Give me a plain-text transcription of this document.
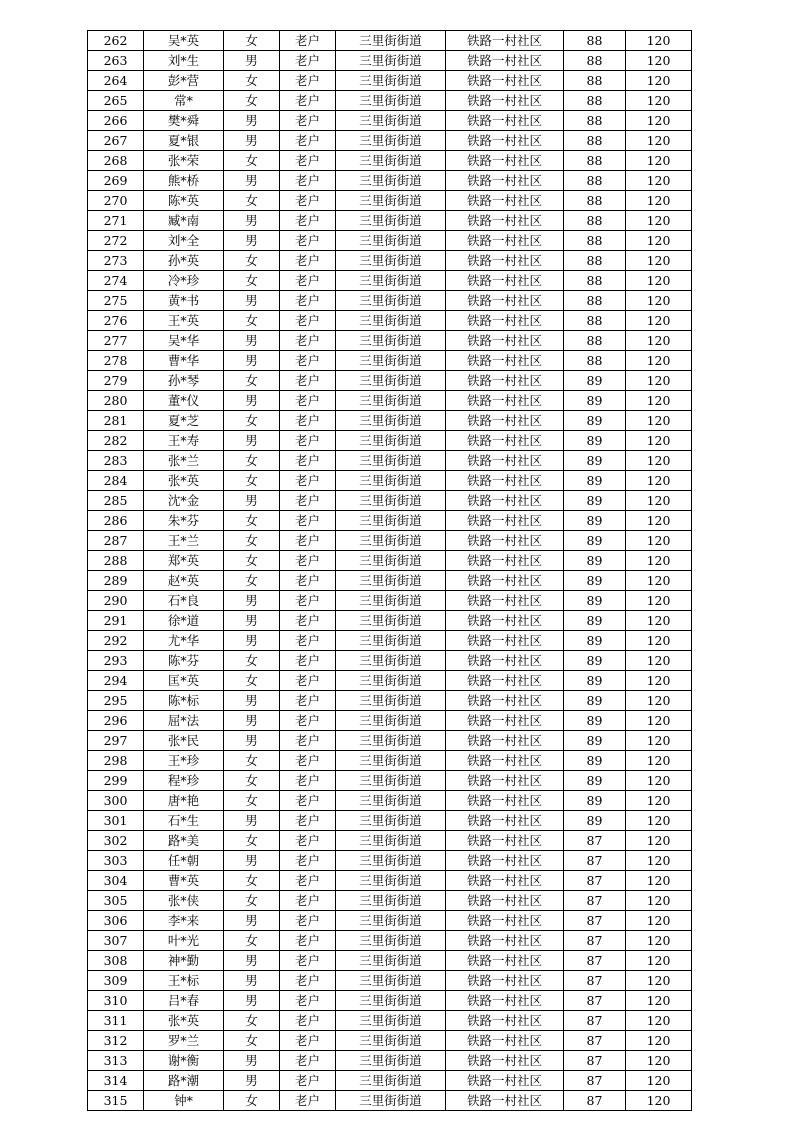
262	吴*英	女	老户	三里街街道	铁路一村社区	88	120
263	刘*生	男	老户	三里街街道	铁路一村社区	88	120
264	彭*营	女	老户	三里街街道	铁路一村社区	88	120
265	常*	女	老户	三里街街道	铁路一村社区	88	120
266	樊*舜	男	老户	三里街街道	铁路一村社区	88	120
267	夏*银	男	老户	三里街街道	铁路一村社区	88	120
268	张*荣	女	老户	三里街街道	铁路一村社区	88	120
269	熊*桥	男	老户	三里街街道	铁路一村社区	88	120
270	陈*英	女	老户	三里街街道	铁路一村社区	88	120
271	臧*南	男	老户	三里街街道	铁路一村社区	88	120
272	刘*全	男	老户	三里街街道	铁路一村社区	88	120
273	孙*英	女	老户	三里街街道	铁路一村社区	88	120
274	冷*珍	女	老户	三里街街道	铁路一村社区	88	120
275	黄*书	男	老户	三里街街道	铁路一村社区	88	120
276	王*英	女	老户	三里街街道	铁路一村社区	88	120
277	吴*华	男	老户	三里街街道	铁路一村社区	88	120
278	曹*华	男	老户	三里街街道	铁路一村社区	88	120
279	孙*琴	女	老户	三里街街道	铁路一村社区	89	120
280	董*仪	男	老户	三里街街道	铁路一村社区	89	120
281	夏*芝	女	老户	三里街街道	铁路一村社区	89	120
282	王*寿	男	老户	三里街街道	铁路一村社区	89	120
283	张*兰	女	老户	三里街街道	铁路一村社区	89	120
284	张*英	女	老户	三里街街道	铁路一村社区	89	120
285	沈*金	男	老户	三里街街道	铁路一村社区	89	120
286	朱*芬	女	老户	三里街街道	铁路一村社区	89	120
287	王*兰	女	老户	三里街街道	铁路一村社区	89	120
288	郑*英	女	老户	三里街街道	铁路一村社区	89	120
289	赵*英	女	老户	三里街街道	铁路一村社区	89	120
290	石*良	男	老户	三里街街道	铁路一村社区	89	120
291	徐*道	男	老户	三里街街道	铁路一村社区	89	120
292	尤*华	男	老户	三里街街道	铁路一村社区	89	120
293	陈*芬	女	老户	三里街街道	铁路一村社区	89	120
294	匡*英	女	老户	三里街街道	铁路一村社区	89	120
295	陈*标	男	老户	三里街街道	铁路一村社区	89	120
296	屈*法	男	老户	三里街街道	铁路一村社区	89	120
297	张*民	男	老户	三里街街道	铁路一村社区	89	120
298	王*珍	女	老户	三里街街道	铁路一村社区	89	120
299	程*珍	女	老户	三里街街道	铁路一村社区	89	120
300	唐*艳	女	老户	三里街街道	铁路一村社区	89	120
301	石*生	男	老户	三里街街道	铁路一村社区	89	120
302	路*美	女	老户	三里街街道	铁路一村社区	87	120
303	任*朝	男	老户	三里街街道	铁路一村社区	87	120
304	曹*英	女	老户	三里街街道	铁路一村社区	87	120
305	张*侠	女	老户	三里街街道	铁路一村社区	87	120
306	李*来	男	老户	三里街街道	铁路一村社区	87	120
307	叶*光	女	老户	三里街街道	铁路一村社区	87	120
308	神*勤	男	老户	三里街街道	铁路一村社区	87	120
309	王*标	男	老户	三里街街道	铁路一村社区	87	120
310	吕*春	男	老户	三里街街道	铁路一村社区	87	120
311	张*英	女	老户	三里街街道	铁路一村社区	87	120
312	罗*兰	女	老户	三里街街道	铁路一村社区	87	120
313	谢*衡	男	老户	三里街街道	铁路一村社区	87	120
314	路*潮	男	老户	三里街街道	铁路一村社区	87	120
315	钟*	女	老户	三里街街道	铁路一村社区	87	120
